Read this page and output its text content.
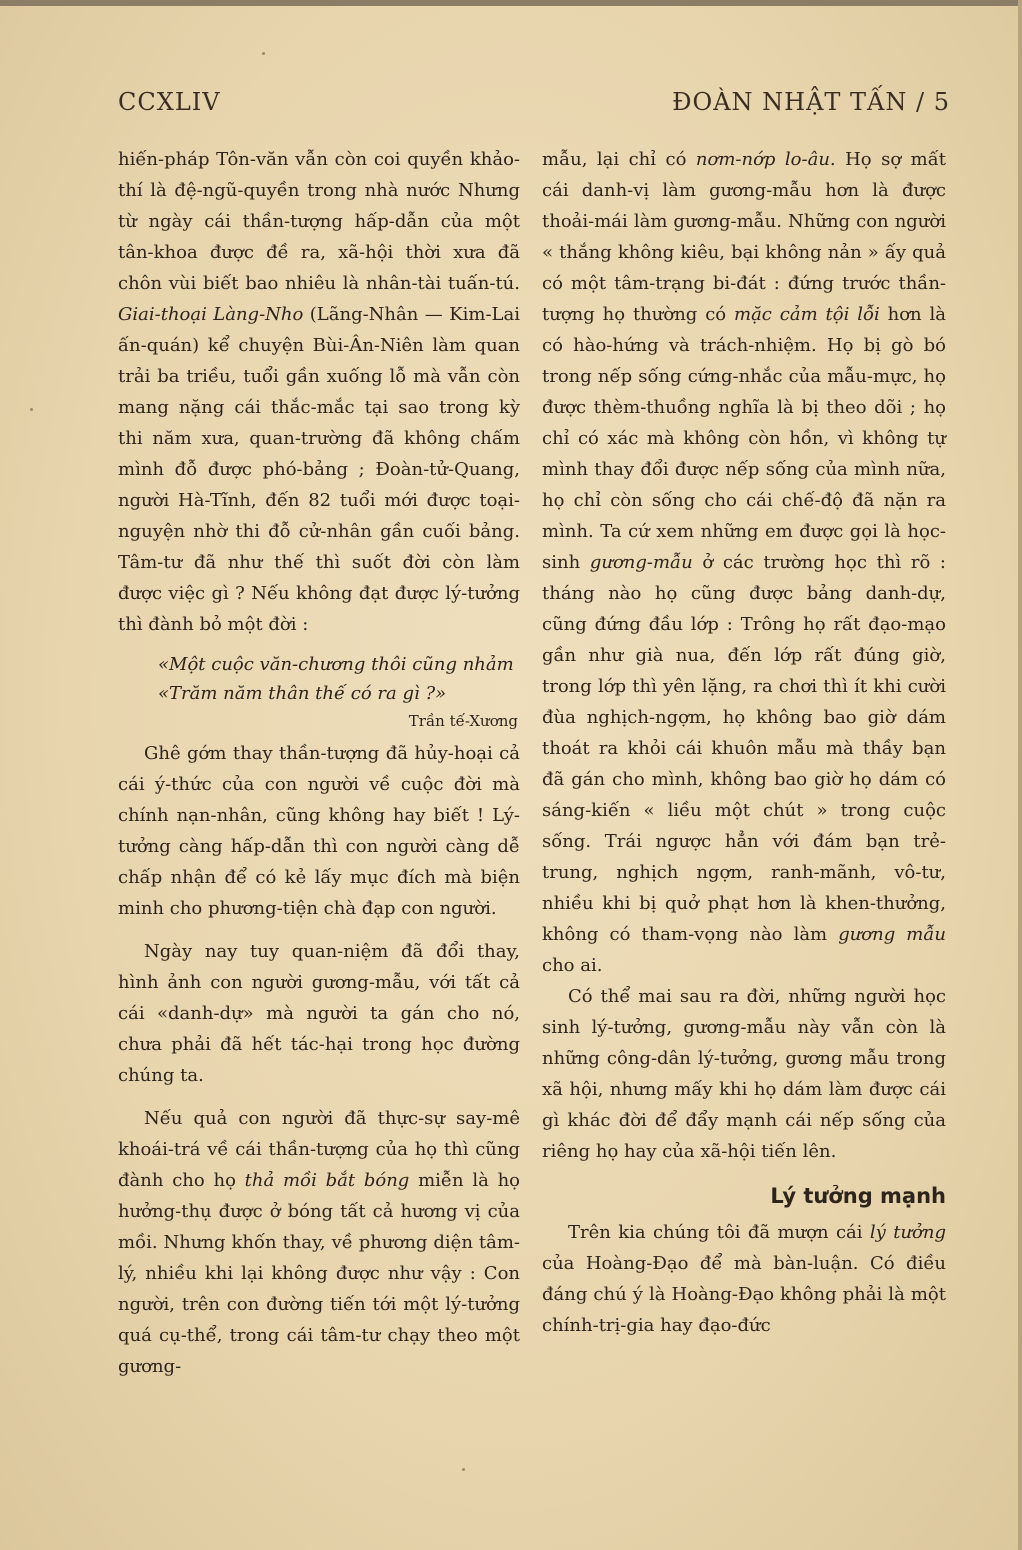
CCXLIV	ĐOÀN NHẬT TẤN / 5

hiến-pháp Tôn-văn vẫn còn coi quyền khảo-thí là đệ-ngũ-quyền trong nhà nước Nhưng từ ngày cái thần-tượng hấp-dẫn của một tân-khoa được đề ra, xã-hội thời xưa đã chôn vùi biết bao nhiêu là nhân-tài tuấn-tú. Giai-thoại Làng-Nho (Lãng-Nhân — Kim-Lai ấn-quán) kể chuyện Bùi-Ân-Niên làm quan trải ba triều, tuổi gần xuống lỗ mà vẫn còn mang nặng cái thắc-mắc tại sao trong kỳ thi năm xưa, quan-trường đã không chấm mình đỗ được phó-bảng ; Đoàn-tử-Quang, người Hà-Tĩnh, đến 82 tuổi mới được toại-nguyện nhờ thi đỗ cử-nhân gần cuối bảng. Tâm-tư đã như thế thì suốt đời còn làm được việc gì ? Nếu không đạt được lý-tưởng thì đành bỏ một đời :

«Một cuộc văn-chương thôi cũng nhảm
«Trăm năm thân thế có ra gì ?»
Trần tế-Xương

Ghê gớm thay thần-tượng đã hủy-hoại cả cái ý-thức của con người về cuộc đời mà chính nạn-nhân, cũng không hay biết ! Lý-tưởng càng hấp-dẫn thì con người càng dễ chấp nhận để có kẻ lấy mục đích mà biện minh cho phương-tiện chà đạp con người.

Ngày nay tuy quan-niệm đã đổi thay, hình ảnh con người gương-mẫu, với tất cả cái «danh-dự» mà người ta gán cho nó, chưa phải đã hết tác-hại trong học đường chúng ta.

Nếu quả con người đã thực-sự say-mê khoái-trá về cái thần-tượng của họ thì cũng đành cho họ thả mồi bắt bóng miễn là họ hưởng-thụ được ở bóng tất cả hương vị của mồi. Nhưng khốn thay, về phương diện tâm-lý, nhiều khi lại không được như vậy : Con người, trên con đường tiến tới một lý-tưởng quá cụ-thể, trong cái tâm-tư chạy theo một gương-

mẫu, lại chỉ có nơm-nớp lo-âu. Họ sợ mất cái danh-vị làm gương-mẫu hơn là được thoải-mái làm gương-mẫu. Những con người « thắng không kiêu, bại không nản » ấy quả có một tâm-trạng bi-đát : đứng trước thần-tượng họ thường có mặc cảm tội lỗi hơn là có hào-hứng và trách-nhiệm. Họ bị gò bó trong nếp sống cứng-nhắc của mẫu-mực, họ được thèm-thuồng nghĩa là bị theo dõi ; họ chỉ có xác mà không còn hồn, vì không tự mình thay đổi được nếp sống của mình nữa, họ chỉ còn sống cho cái chế-độ đã nặn ra mình. Ta cứ xem những em được gọi là học-sinh gương-mẫu ở các trường học thì rõ : tháng nào họ cũng được bảng danh-dự, cũng đứng đầu lớp : Trông họ rất đạo-mạo gần như già nua, đến lớp rất đúng giờ, trong lớp thì yên lặng, ra chơi thì ít khi cười đùa nghịch-ngợm, họ không bao giờ dám thoát ra khỏi cái khuôn mẫu mà thầy bạn đã gán cho mình, không bao giờ họ dám có sáng-kiến « liều một chút » trong cuộc sống. Trái ngược hẳn với đám bạn trẻ-trung, nghịch ngợm, ranh-mãnh, vô-tư, nhiều khi bị quở phạt hơn là khen-thưởng, không có tham-vọng nào làm gương mẫu cho ai.

Có thể mai sau ra đời, những người học sinh lý-tưởng, gương-mẫu này vẫn còn là những công-dân lý-tưởng, gương mẫu trong xã hội, nhưng mấy khi họ dám làm được cái gì khác đời để đẩy mạnh cái nếp sống của riêng họ hay của xã-hội tiến lên.

Lý tưởng mạnh

Trên kia chúng tôi đã mượn cái lý tưởng của Hoàng-Đạo để mà bàn-luận. Có điều đáng chú ý là Hoàng-Đạo không phải là một chính-trị-gia hay đạo-đức
